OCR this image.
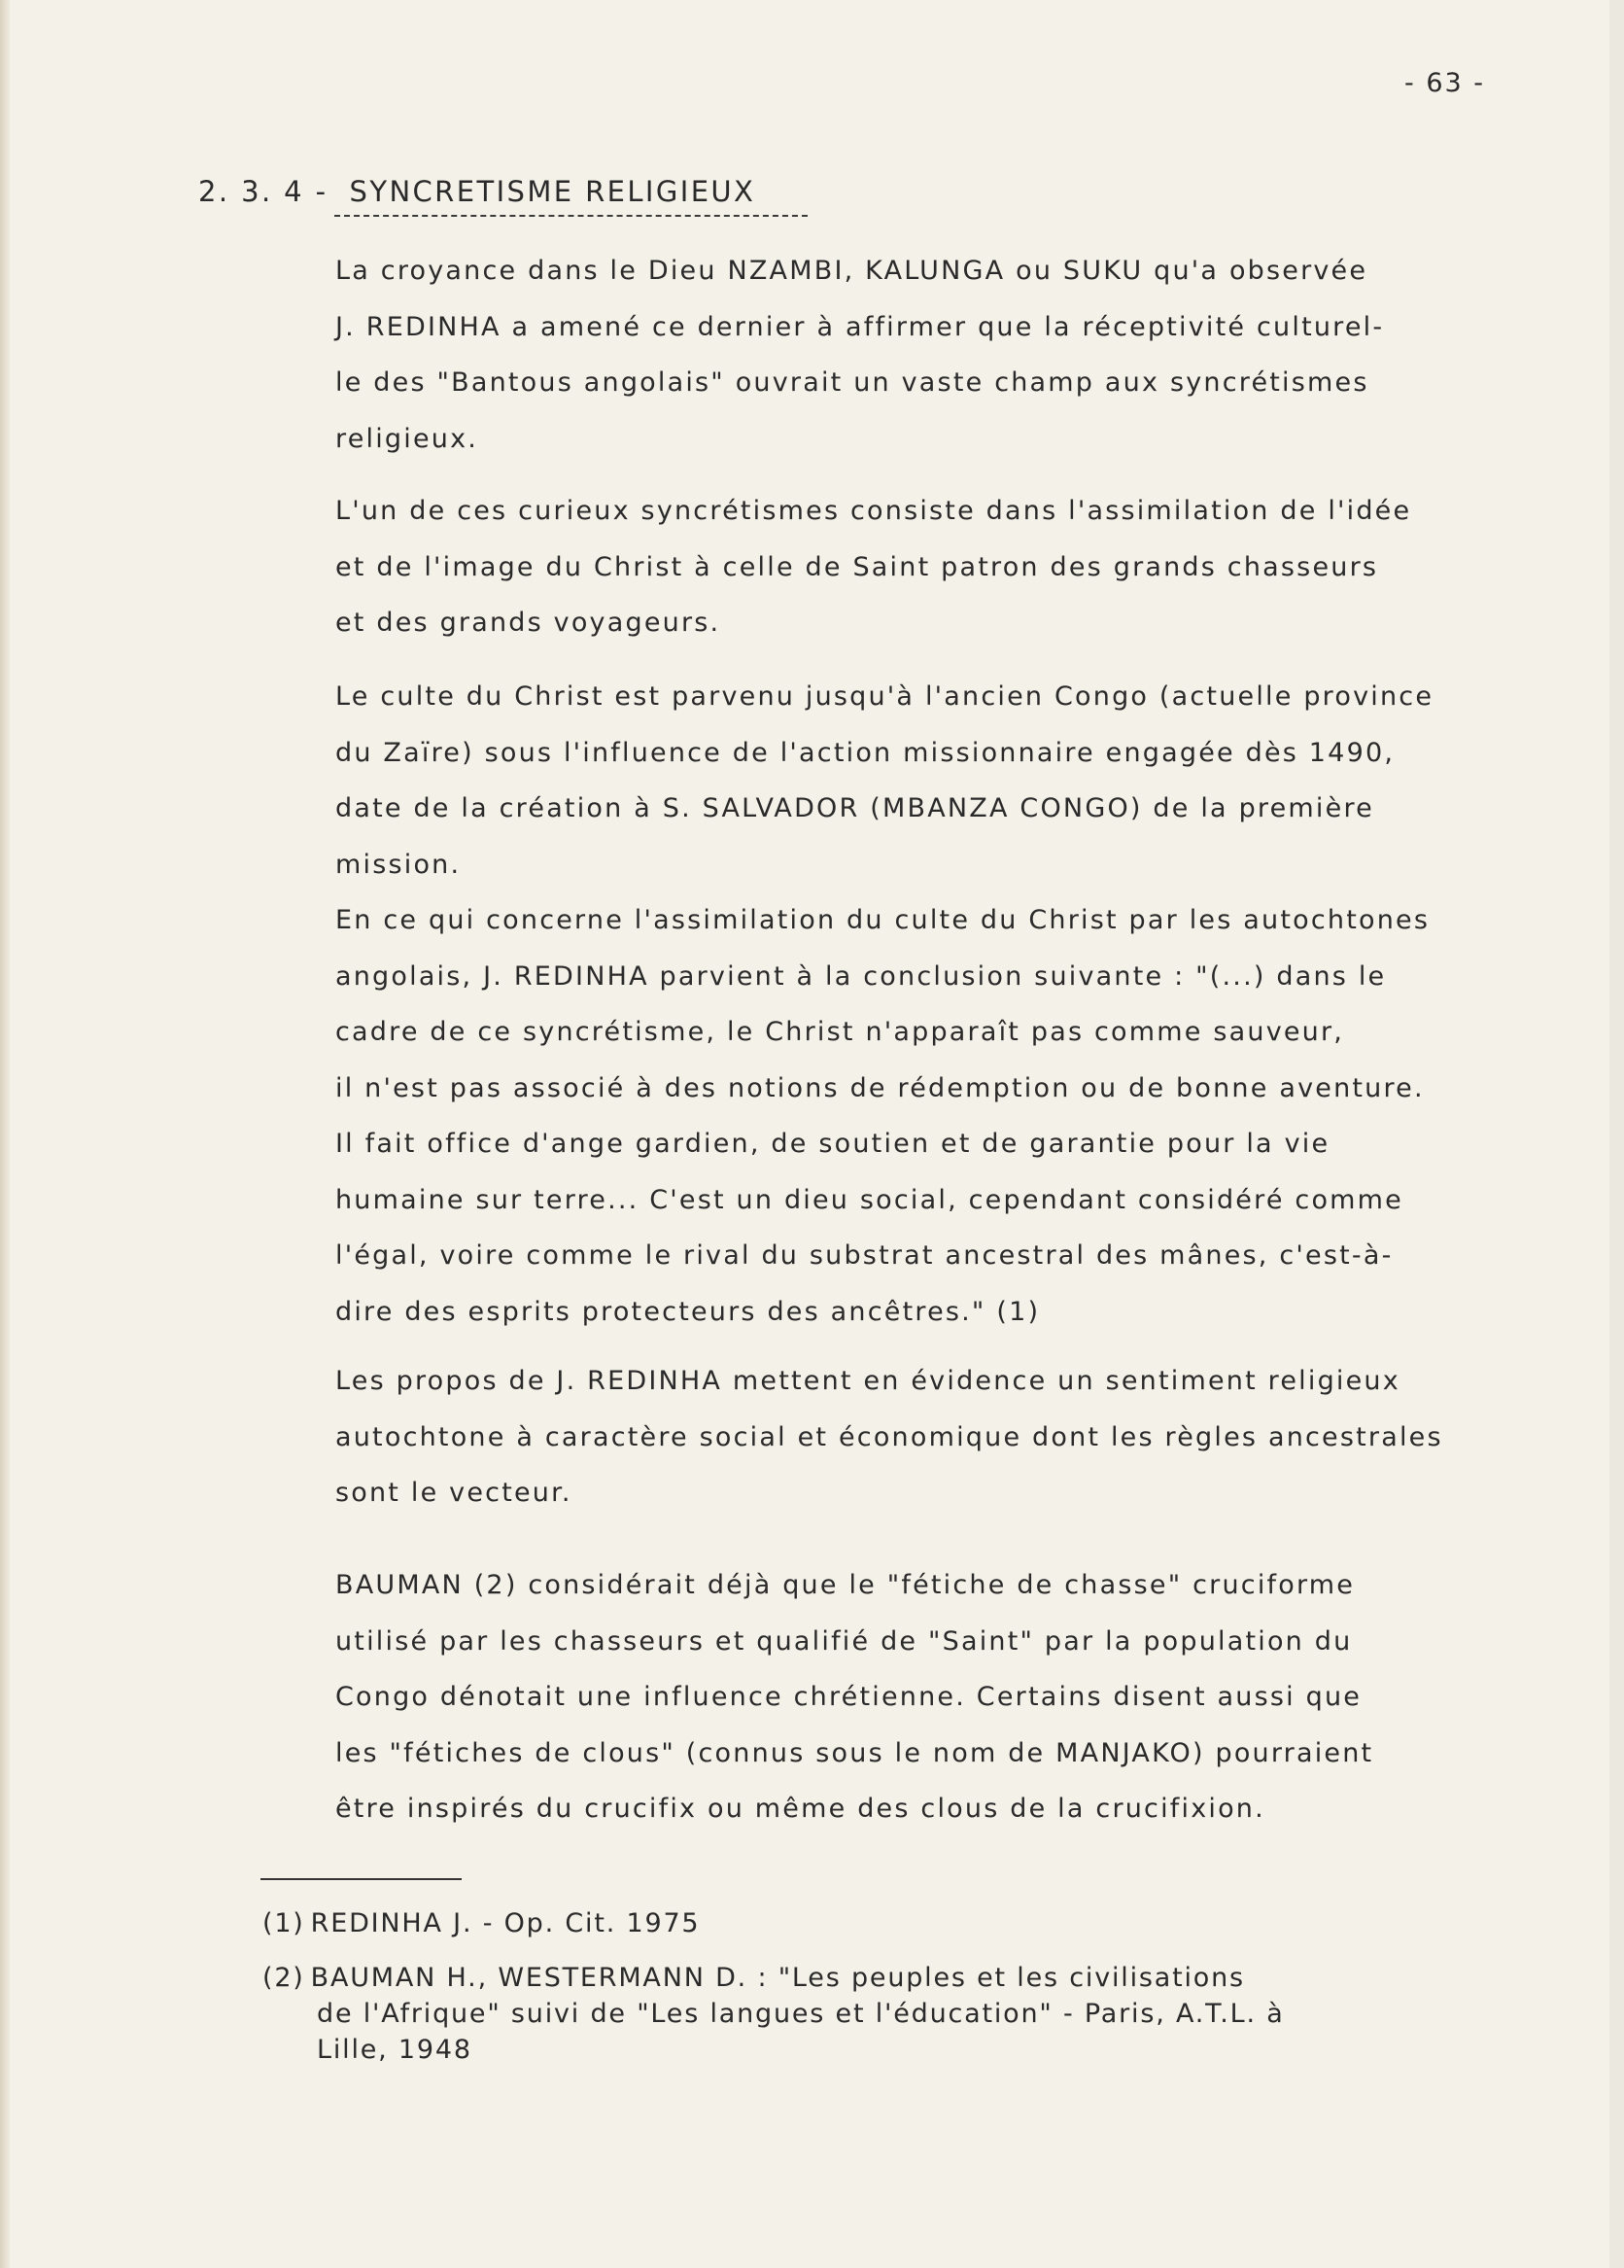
- 63 -
2. 3. 4 - SYNCRETISME RELIGIEUX

La croyance dans le Dieu NZAMBI, KALUNGA ou SUKU qu'a observée
J. REDINHA a amené ce dernier à affirmer que la réceptivité culturel-
le des "Bantous angolais" ouvrait un vaste champ aux syncrétismes
religieux.

L'un de ces curieux syncrétismes consiste dans l'assimilation de l'idée
et de l'image du Christ à celle de Saint patron des grands chasseurs
et des grands voyageurs.

Le culte du Christ est parvenu jusqu'à l'ancien Congo (actuelle province
du Zaïre) sous l'influence de l'action missionnaire engagée dès 1490,
date de la création à S. SALVADOR (MBANZA CONGO) de la première
mission.
En ce qui concerne l'assimilation du culte du Christ par les autochtones
angolais, J. REDINHA parvient à la conclusion suivante : "(...) dans le
cadre de ce syncrétisme, le Christ n'apparaît pas comme sauveur,
il n'est pas associé à des notions de rédemption ou de bonne aventure.
Il fait office d'ange gardien, de soutien et de garantie pour la vie
humaine sur terre... C'est un dieu social, cependant considéré comme
l'égal, voire comme le rival du substrat ancestral des mânes, c'est-à-
dire des esprits protecteurs des ancêtres." (1)

Les propos de J. REDINHA mettent en évidence un sentiment religieux
autochtone à caractère social et économique dont les règles ancestrales
sont le vecteur.

BAUMAN (2) considérait déjà que le "fétiche de chasse" cruciforme
utilisé par les chasseurs et qualifié de "Saint" par la population du
Congo dénotait une influence chrétienne. Certains disent aussi que
les "fétiches de clous" (connus sous le nom de MANJAKO) pourraient
être inspirés du crucifix ou même des clous de la crucifixion.

(1) REDINHA J. - Op. Cit. 1975

(2) BAUMAN H., WESTERMANN D. : "Les peuples et les civilisations
de l'Afrique" suivi de "Les langues et l'éducation" - Paris, A.T.L. à
Lille, 1948
